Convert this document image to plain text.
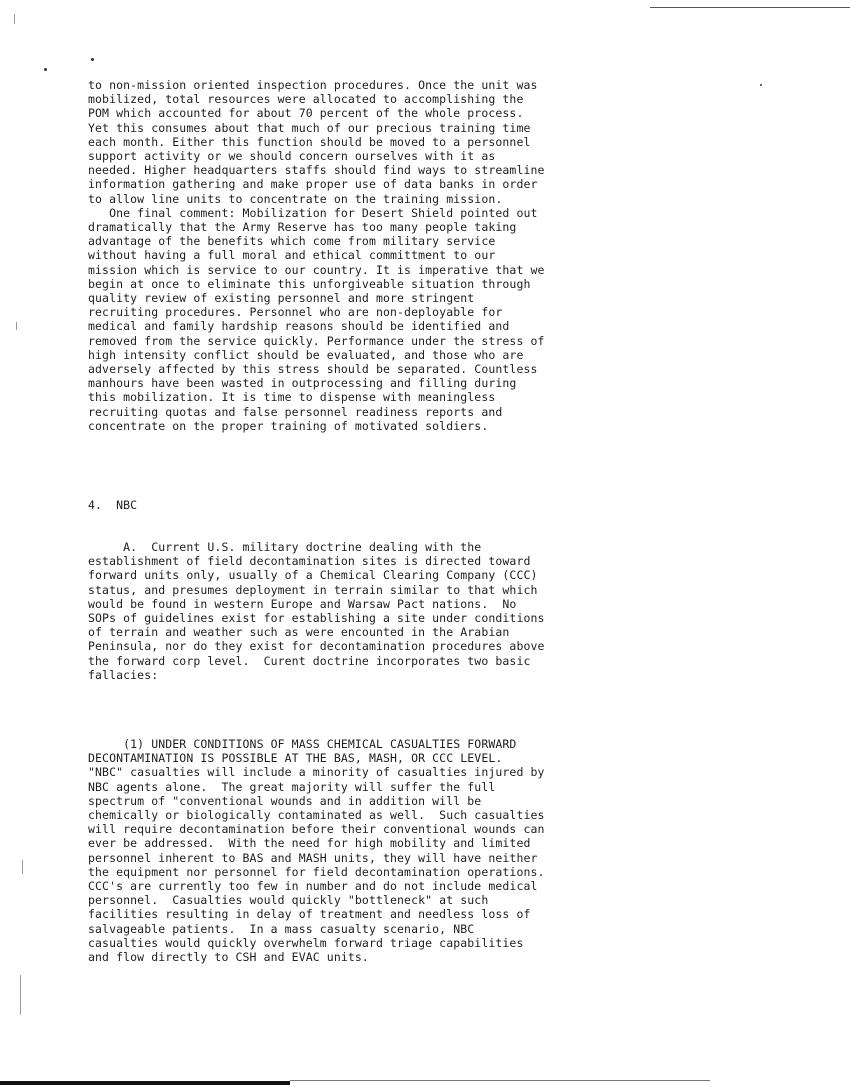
to non-mission oriented inspection procedures. Once the unit was
mobilized, total resources were allocated to accomplishing the
POM which accounted for about 70 percent of the whole process.
Yet this consumes about that much of our precious training time
each month. Either this function should be moved to a personnel
support activity or we should concern ourselves with it as
needed. Higher headquarters staffs should find ways to streamline
information gathering and make proper use of data banks in order
to allow line units to concentrate on the training mission.
One final comment: Mobilization for Desert Shield pointed out
dramatically that the Army Reserve has too many people taking
advantage of the benefits which come from military service
without having a full moral and ethical committment to our
mission which is service to our country. It is imperative that we
begin at once to eliminate this unforgiveable situation through
quality review of existing personnel and more stringent
recruiting procedures. Personnel who are non-deployable for
medical and family hardship reasons should be identified and
removed from the service quickly. Performance under the stress of
high intensity conflict should be evaluated, and those who are
adversely affected by this stress should be separated. Countless
manhours have been wasted in outprocessing and filling during
this mobilization. It is time to dispense with meaningless
recruiting quotas and false personnel readiness reports and
concentrate on the proper training of motivated soldiers.
4.  NBC
A.  Current U.S. military doctrine dealing with the
establishment of field decontamination sites is directed toward
forward units only, usually of a Chemical Clearing Company (CCC)
status, and presumes deployment in terrain similar to that which
would be found in western Europe and Warsaw Pact nations.  No
SOPs of guidelines exist for establishing a site under conditions
of terrain and weather such as were encounted in the Arabian
Peninsula, nor do they exist for decontamination procedures above
the forward corp level.  Curent doctrine incorporates two basic
fallacies:
(1) UNDER CONDITIONS OF MASS CHEMICAL CASUALTIES FORWARD
DECONTAMINATION IS POSSIBLE AT THE BAS, MASH, OR CCC LEVEL.
"NBC" casualties will include a minority of casualties injured by
NBC agents alone.  The great majority will suffer the full
spectrum of "conventional wounds and in addition will be
chemically or biologically contaminated as well.  Such casualties
will require decontamination before their conventional wounds can
ever be addressed.  With the need for high mobility and limited
personnel inherent to BAS and MASH units, they will have neither
the equipment nor personnel for field decontamination operations.
CCC's are currently too few in number and do not include medical
personnel.  Casualties would quickly "bottleneck" at such
facilities resulting in delay of treatment and needless loss of
salvageable patients.  In a mass casualty scenario, NBC
casualties would quickly overwhelm forward triage capabilities
and flow directly to CSH and EVAC units.
